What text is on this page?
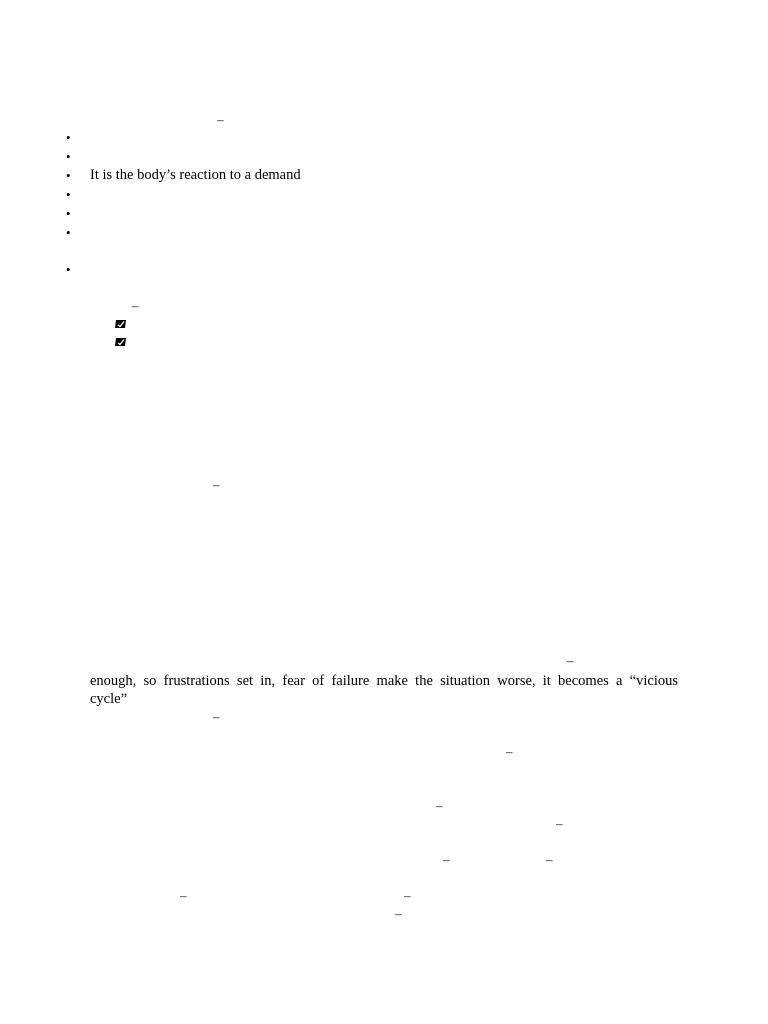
‒
‒
‒
‒
‒
‒
‒
‒
‒	‒
‒	‒
‒
•
•
•	It is the body’s reaction to a demand
•
•
•
•
enough, so frustrations set in, fear of failure make the situation worse, it becomes a “vicious
cycle”
